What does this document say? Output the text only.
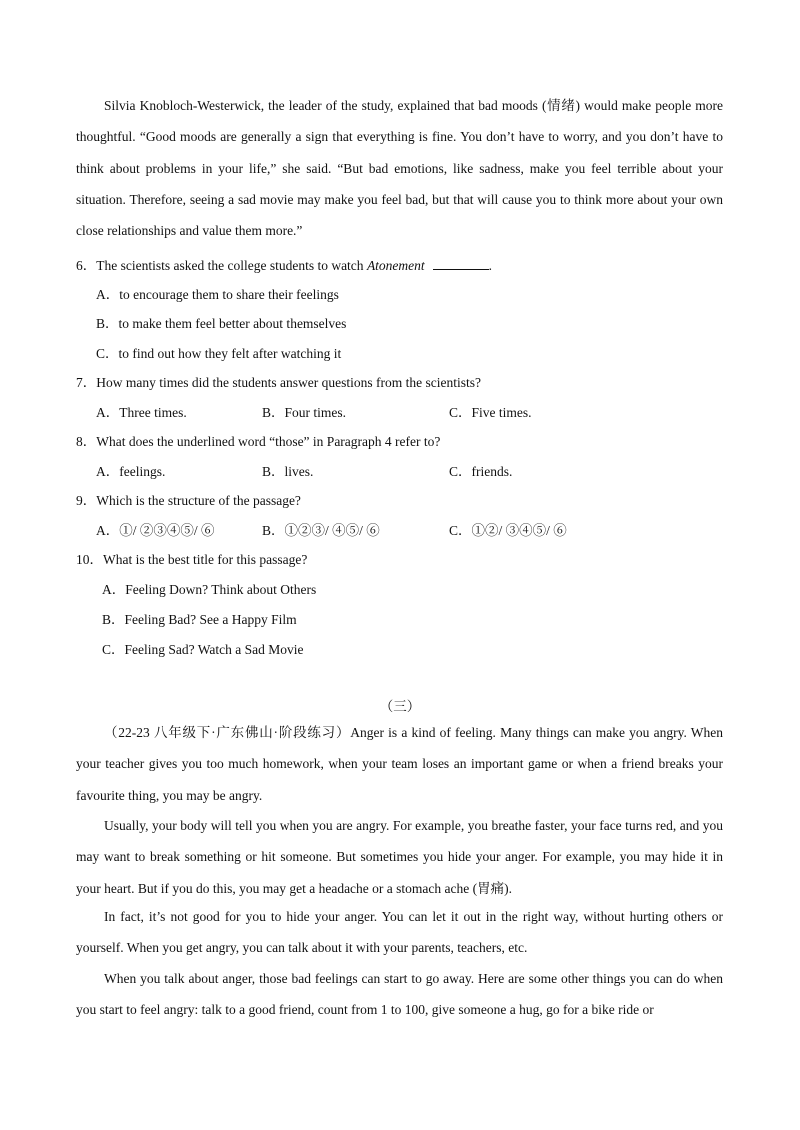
Silvia Knobloch-Westerwick, the leader of the study, explained that bad moods (情绪) would make people more thoughtful. “Good moods are generally a sign that everything is fine. You don’t have to worry, and you don’t have to think about problems in your life,” she said. “But bad emotions, like sadness, make you feel terrible about your situation. Therefore, seeing a sad movie may make you feel bad, but that will cause you to think more about your own close relationships and value them more.”

6．The scientists asked the college students to watch Atonement	.
A．to encourage them to share their feelings
B．to make them feel better about themselves
C．to find out how they felt after watching it
7．How many times did the students answer questions from the scientists?
A．Three times.	B．Four times.	C．Five times.
8．What does the underlined word “those” in Paragraph 4 refer to?
A．feelings.	B．lives.	C．friends.
9．Which is the structure of the passage?
A．①/ ②③④⑤/ ⑥	B．①②③/ ④⑤/ ⑥	C．①②/ ③④⑤/ ⑥
10．What is the best title for this passage?
A．Feeling Down? Think about Others
B．Feeling Bad? See a Happy Film
C．Feeling Sad? Watch a Sad Movie
（三）

（22-23 八年级下·广东佛山·阶段练习）Anger is a kind of feeling. Many things can make you angry. When your teacher gives you too much homework, when your team loses an important game or when a friend breaks your favourite thing, you may be angry.

Usually, your body will tell you when you are angry. For example, you breathe faster, your face turns red, and you may want to break something or hit someone. But sometimes you hide your anger. For example, you may hide it in your heart. But if you do this, you may get a headache or a stomach ache (胃痛).

In fact, it’s not good for you to hide your anger. You can let it out in the right way, without hurting others or yourself. When you get angry, you can talk about it with your parents, teachers, etc.

When you talk about anger, those bad feelings can start to go away. Here are some other things you can do when you start to feel angry: talk to a good friend, count from 1 to 100, give someone a hug, go for a bike ride or
